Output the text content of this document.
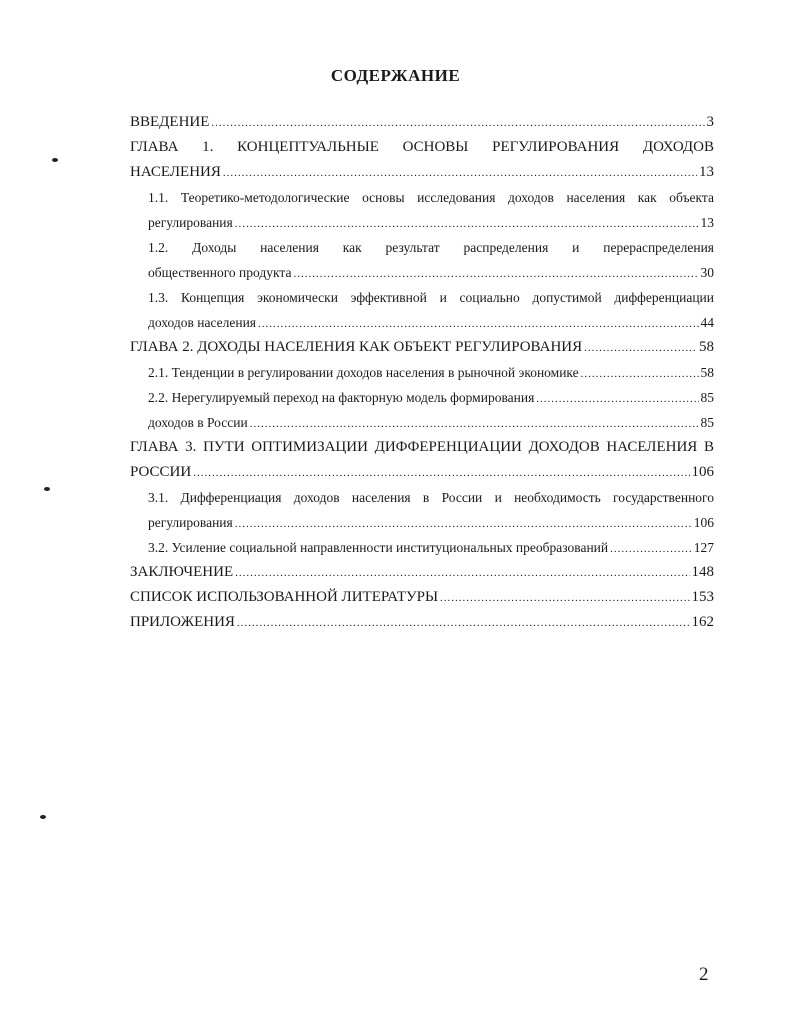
СОДЕРЖАНИЕ
ВВЕДЕНИЕ .....	3
ГЛАВА 1. КОНЦЕПТУАЛЬНЫЕ ОСНОВЫ РЕГУЛИРОВАНИЯ ДОХОДОВ
НАСЕЛЕНИЯ .....	13
1.1. Теоретико-методологические основы исследования доходов населения как объекта
регулирования .....	13
1.2. Доходы населения как результат распределения и перераспределения
общественного продукта .....	30
1.3. Концепция экономически эффективной и социально допустимой дифференциации
доходов населения .....	44
ГЛАВА 2. ДОХОДЫ НАСЕЛЕНИЯ КАК ОБЪЕКТ РЕГУЛИРОВАНИЯ .....	58
2.1. Тенденции в регулировании доходов населения в рыночной экономике .....	58
2.2. Нерегулируемый переход на факторную модель формирования .....	85
доходов в России .....	85
ГЛАВА 3. ПУТИ ОПТИМИЗАЦИИ ДИФФЕРЕНЦИАЦИИ ДОХОДОВ НАСЕЛЕНИЯ В
РОССИИ .....	106
3.1. Дифференциация доходов населения в России и необходимость государственного
регулирования .....	106
3.2. Усиление социальной направленности институциональных преобразований .....	127
ЗАКЛЮЧЕНИЕ .....	148
СПИСОК ИСПОЛЬЗОВАННОЙ ЛИТЕРАТУРЫ .....	153
ПРИЛОЖЕНИЯ .....	162
2
